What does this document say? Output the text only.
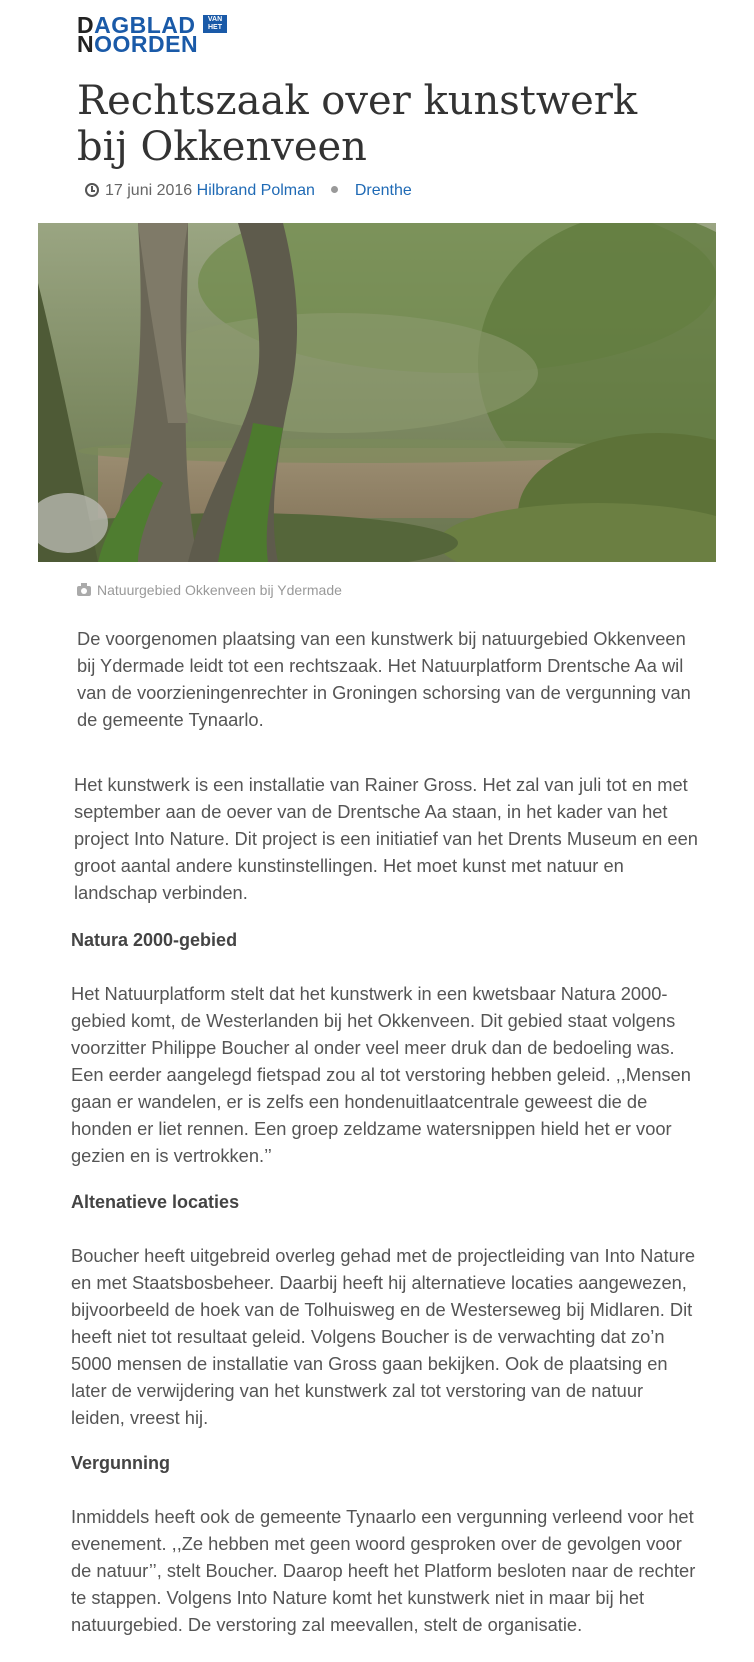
DAGBLAD	VAN HET
NOORDEN
Rechtszaak over kunstwerk bij Okkenveen
17 juni 2016 Hilbrand Polman Drenthe
Natuurgebied Okkenveen bij Ydermade

De voorgenomen plaatsing van een kunstwerk bij natuurgebied Okkenveen bij Ydermade leidt tot een rechtszaak. Het Natuurplatform Drentsche Aa wil van de voorzieningenrechter in Groningen schorsing van de vergunning van de gemeente Tynaarlo.

Het kunstwerk is een installatie van Rainer Gross. Het zal van juli tot en met september aan de oever van de Drentsche Aa staan, in het kader van het project Into Nature. Dit project is een initiatief van het Drents Museum en een groot aantal andere kunstinstellingen. Het moet kunst met natuur en landschap verbinden.

Natura 2000-gebied

Het Natuurplatform stelt dat het kunstwerk in een kwetsbaar Natura 2000-gebied komt, de Westerlanden bij het Okkenveen. Dit gebied staat volgens voorzitter Philippe Boucher al onder veel meer druk dan de bedoeling was. Een eerder aangelegd fietspad zou al tot verstoring hebben geleid. ,,Mensen gaan er wandelen, er is zelfs een hondenuitlaatcentrale geweest die de honden er liet rennen. Een groep zeldzame watersnippen hield het er voor gezien en is vertrokken.’’

Altenatieve locaties

Boucher heeft uitgebreid overleg gehad met de projectleiding van Into Nature en met Staatsbosbeheer. Daarbij heeft hij alternatieve locaties aangewezen, bijvoorbeeld de hoek van de Tolhuisweg en de Westerseweg bij Midlaren. Dit heeft niet tot resultaat geleid. Volgens Boucher is de verwachting dat zo’n 5000 mensen de installatie van Gross gaan bekijken. Ook de plaatsing en later de verwijdering van het kunstwerk zal tot verstoring van de natuur leiden, vreest hij.

Vergunning

Inmiddels heeft ook de gemeente Tynaarlo een vergunning verleend voor het evenement. ,,Ze hebben met geen woord gesproken over de gevolgen voor de natuur’’, stelt Boucher. Daarop heeft het Platform besloten naar de rechter te stappen. Volgens Into Nature komt het kunstwerk niet in maar bij het natuurgebied. De verstoring zal meevallen, stelt de organisatie.
